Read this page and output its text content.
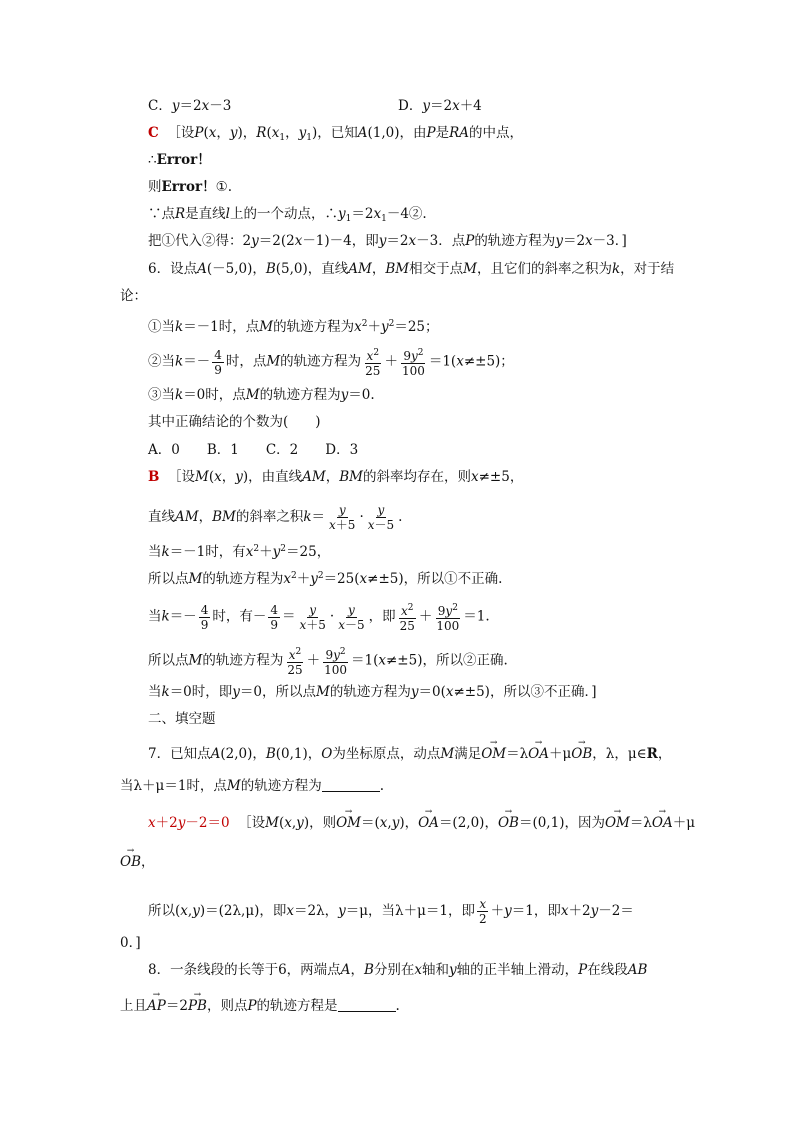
C．y＝2x－3	D．y＝2x＋4
C  ［设P(x，y)，$R(x_1$，$y_1$)，已知A(1,0)，由P是RA的中点，
∴Error！
则Error！①.
∵点R是直线l上的一个动点，$\therefore y_1=2x_1-4②$.
把①代入②得：2y＝2(2x－1)－4，即y＝2x－3．点P的轨迹方程为y＝2x－3．]
6．设点A(－5,0)，B(5,0)，直线AM，BM相交于点M，且它们的斜率之积为k，对于结
论：
①当k＝－1时，点M的轨迹方程为$x^2+y^2=25$；
②当$k=- \frac{4}{9}$ 时，点M的轨迹方程为 $\frac{x^2}{25} + \frac{9y^2}{100} =1(x\ne\pm 5)$；
③当k＝0时，点M的轨迹方程为y＝0.
其中正确结论的个数为(　　)
A．0　　B．1　　C．2　　D．3
B  ［设M(x，y)，由直线AM，BM的斜率均存在，则x≠±5，
直线AM，BM的斜率之积$k= \frac{y}{x+5} \cdot \frac{y}{x-5}$ .
当k＝－1时，有$x^2+y^2=25$，
所以点M的轨迹方程为$x^2+y^2=25(x\ne\pm 5)$，所以①不正确.
当$k=- \frac{4}{9}$ 时，有－ $\frac{4}{9} = \frac{y}{x+5} \cdot \frac{y}{x-5}$ ，即 $\frac{x^2}{25} + \frac{9y^2}{100} =1$.
所以点M的轨迹方程为 $\frac{x^2}{25} + \frac{9y^2}{100} =1(x\ne\pm 5)$，所以②正确.
当k＝0时，即y＝0，所以点M的轨迹方程为y＝0(x≠±5)，所以③不正确．]
二、填空题
7．已知点A(2,0)，B(0,1)，O为坐标原点，动点M满足→ OM＝λ→ OA＋μ→ OB，λ，μ∈R，
当λ＋μ＝1时，点M的轨迹方程为	.
x＋2y－2＝0  ［设M(x,y)，则→ OM＝(x,y)，→ OA＝(2,0)，→ OB＝(0,1)，因为→ OM＝λ→ OA＋μ
→ OB，
所以(x,y)＝(2λ,μ)，即x＝2λ，y＝μ，当λ＋μ＝1，即 $\frac{x}{2} +y=1$，即x＋2y－2＝
0．]
8．一条线段的长等于6，两端点A，B分别在x轴和y轴的正半轴上滑动，P在线段AB
上且→ AP＝2→ PB，则点P的轨迹方程是	.
